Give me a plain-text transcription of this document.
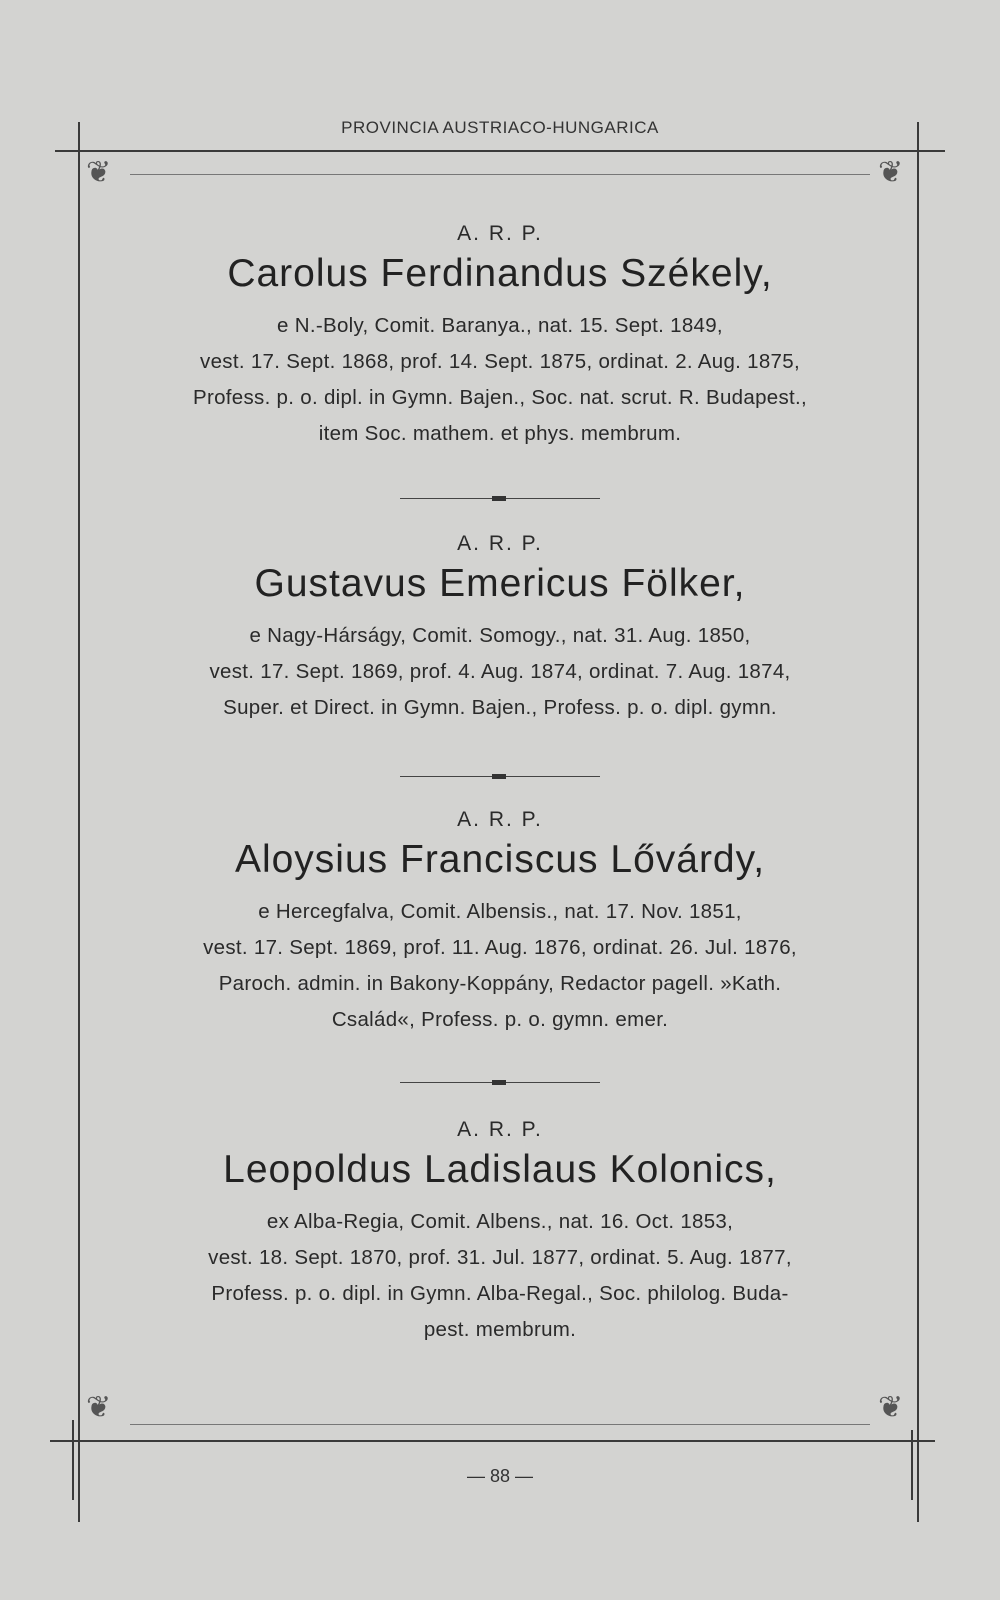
PROVINCIA AUSTRIACO-HUNGARICA
❦	❦
A. R. P.
Carolus Ferdinandus Székely,
e N.-Boly, Comit. Baranya., nat. 15. Sept. 1849,
vest. 17. Sept. 1868, prof. 14. Sept. 1875, ordinat. 2. Aug. 1875,
Profess. p. o. dipl. in Gymn. Bajen., Soc. nat. scrut. R. Budapest.,
item Soc. mathem. et phys. membrum.
A. R. P.
Gustavus Emericus Fölker,
e Nagy-Hárságy, Comit. Somogy., nat. 31. Aug. 1850,
vest. 17. Sept. 1869, prof. 4. Aug. 1874, ordinat. 7. Aug. 1874,
Super. et Direct. in Gymn. Bajen., Profess. p. o. dipl. gymn.
A. R. P.
Aloysius Franciscus Lővárdy,
e Hercegfalva, Comit. Albensis., nat. 17. Nov. 1851,
vest. 17. Sept. 1869, prof. 11. Aug. 1876, ordinat. 26. Jul. 1876,
Paroch. admin. in Bakony-Koppány, Redactor pagell. »Kath.
Család«, Profess. p. o. gymn. emer.
A. R. P.
Leopoldus Ladislaus Kolonics,
ex Alba-Regia, Comit. Albens., nat. 16. Oct. 1853,
vest. 18. Sept. 1870, prof. 31. Jul. 1877, ordinat. 5. Aug. 1877,
Profess. p. o. dipl. in Gymn. Alba-Regal., Soc. philolog. Buda-
pest. membrum.
❦	❦
— 88 —
